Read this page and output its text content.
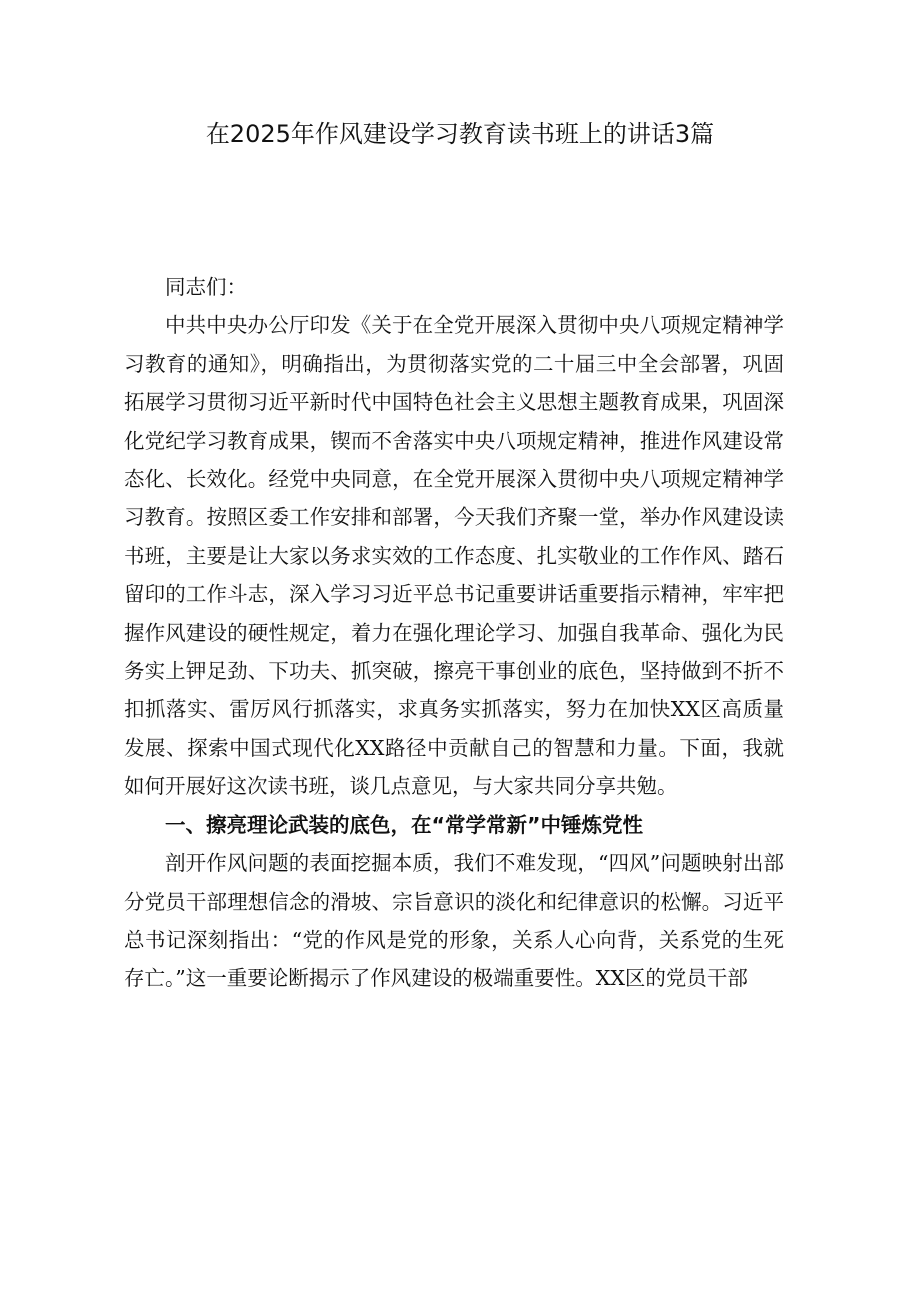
在2025年作风建设学习教育读书班上的讲话3篇

同志们：

中共中央办公厅印发《关于在全党开展深入贯彻中央八项规定精神学习教育的通知》，明确指出，为贯彻落实党的二十届三中全会部署，巩固拓展学习贯彻习近平新时代中国特色社会主义思想主题教育成果，巩固深化党纪学习教育成果，锲而不舍落实中央八项规定精神，推进作风建设常态化、长效化。经党中央同意，在全党开展深入贯彻中央八项规定精神学习教育。按照区委工作安排和部署，今天我们齐聚一堂，举办作风建设读书班，主要是让大家以务求实效的工作态度、扎实敬业的工作作风、踏石留印的工作斗志，深入学习习近平总书记重要讲话重要指示精神，牢牢把握作风建设的硬性规定，着力在强化理论学习、加强自我革命、强化为民务实上钾足劲、下功夫、抓突破，擦亮干事创业的底色，坚持做到不折不扣抓落实、雷厉风行抓落实，求真务实抓落实，努力在加快XX区高质量发展、探索中国式现代化XX路径中贡献自己的智慧和力量。下面，我就如何开展好这次读书班，谈几点意见，与大家共同分享共勉。

一、擦亮理论武装的底色，在“常学常新”中锤炼党性

剖开作风问题的表面挖掘本质，我们不难发现，“四风”问题映射出部分党员干部理想信念的滑坡、宗旨意识的淡化和纪律意识的松懈。习近平总书记深刻指出：“党的作风是党的形象，关系人心向背，关系党的生死存亡。”这一重要论断揭示了作风建设的极端重要性。XX区的党员干部
